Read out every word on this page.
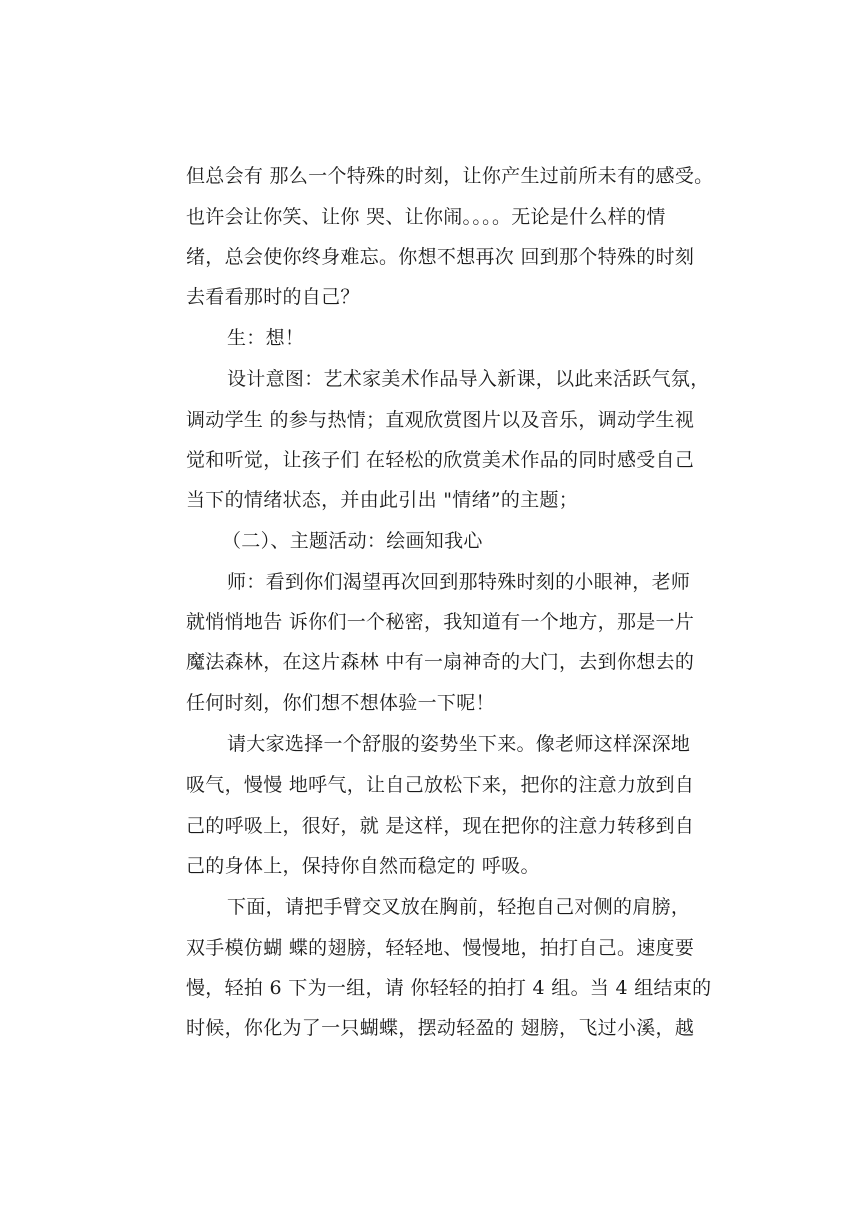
但总会有 那么一个特殊的时刻，让你产生过前所未有的感受。

也许会让你笑、让你 哭、让你闹。。。。无论是什么样的情

绪，总会使你终身难忘。你想不想再次 回到那个特殊的时刻

去看看那时的自己？

生：想！

设计意图：艺术家美术作品导入新课，以此来活跃气氛，

调动学生 的参与热情；直观欣赏图片以及音乐，调动学生视

觉和听觉，让孩子们 在轻松的欣赏美术作品的同时感受自己

当下的情绪状态，并由此引出 "情绪”的主题；

（二）、主题活动：绘画知我心

师：看到你们渴望再次回到那特殊时刻的小眼神，老师

就悄悄地告 诉你们一个秘密，我知道有一个地方，那是一片

魔法森林，在这片森林 中有一扇神奇的大门，去到你想去的

任何时刻，你们想不想体验一下呢！

请大家选择一个舒服的姿势坐下来。像老师这样深深地

吸气，慢慢 地呼气，让自己放松下来，把你的注意力放到自

己的呼吸上，很好，就 是这样，现在把你的注意力转移到自

己的身体上，保持你自然而稳定的 呼吸。

下面，请把手臂交叉放在胸前，轻抱自己对侧的肩膀，

双手模仿蝴 蝶的翅膀，轻轻地、慢慢地，拍打自己。速度要

慢，轻拍 6 下为一组，请 你轻轻的拍打 4 组。当 4 组结束的

时候，你化为了一只蝴蝶，摆动轻盈的 翅膀，飞过小溪，越
